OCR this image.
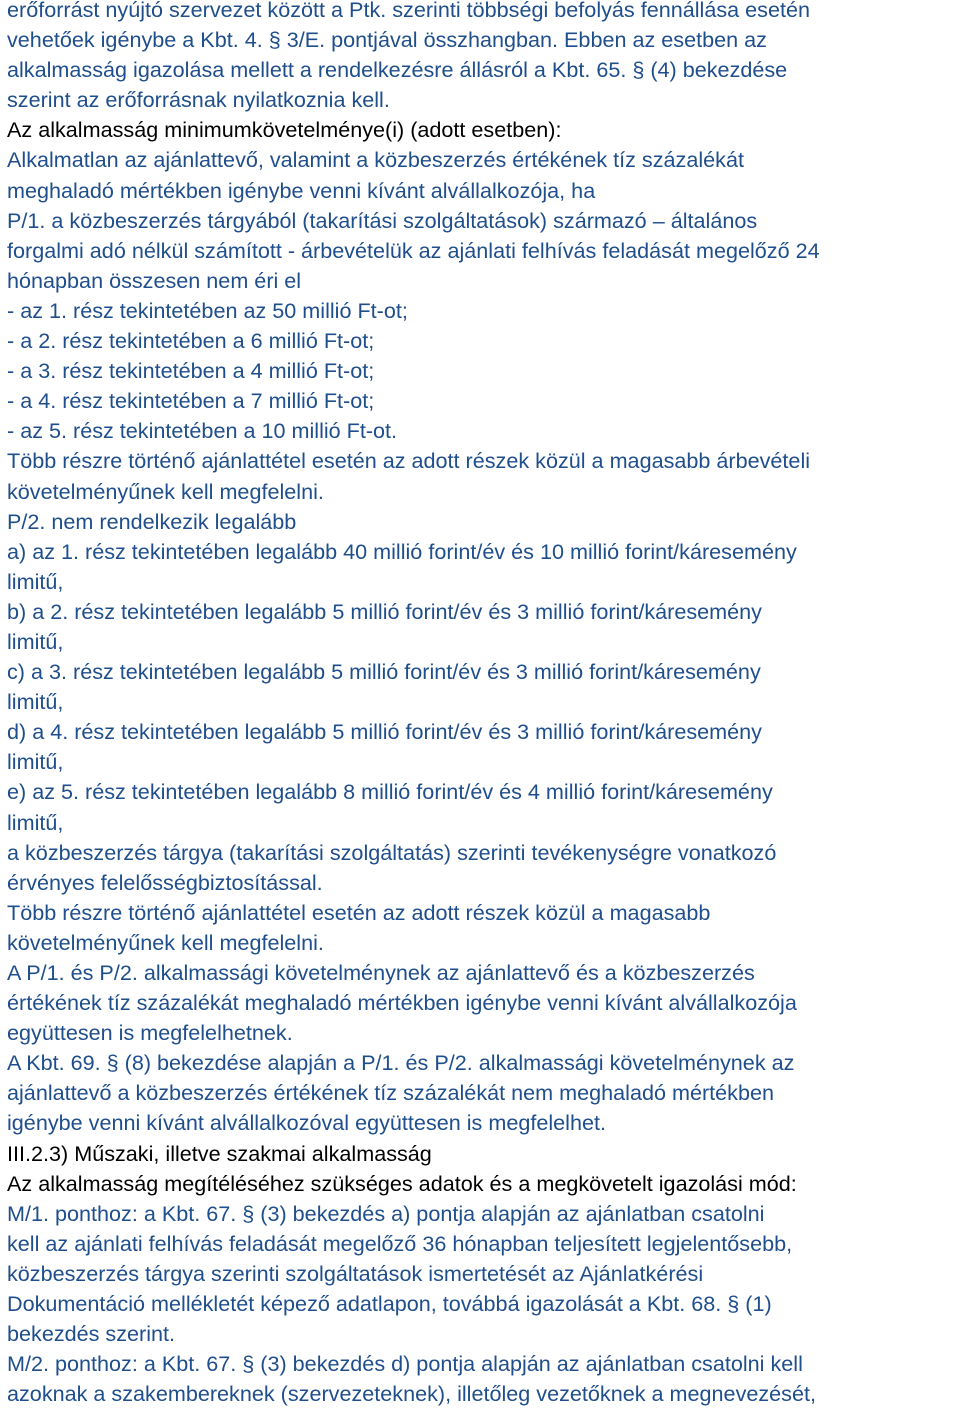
erőforrást nyújtó szervezet között a Ptk. szerinti többségi befolyás fennállása esetén
vehetőek igénybe a Kbt. 4. § 3/E. pontjával összhangban. Ebben az esetben az
alkalmasság igazolása mellett a rendelkezésre állásról a Kbt. 65. § (4) bekezdése
szerint az erőforrásnak nyilatkoznia kell.
Az alkalmasság minimumkövetelménye(i) (adott esetben):
Alkalmatlan az ajánlattevő, valamint a közbeszerzés értékének tíz százalékát
meghaladó mértékben igénybe venni kívánt alvállalkozója, ha
P/1. a közbeszerzés tárgyából (takarítási szolgáltatások) származó – általános
forgalmi adó nélkül számított - árbevételük az ajánlati felhívás feladását megelőző 24
hónapban összesen nem éri el
- az 1. rész tekintetében az 50 millió Ft-ot;
- a 2. rész tekintetében a 6 millió Ft-ot;
- a 3. rész tekintetében a 4 millió Ft-ot;
- a 4. rész tekintetében a 7 millió Ft-ot;
- az 5. rész tekintetében a 10 millió Ft-ot.
Több részre történő ajánlattétel esetén az adott részek közül a magasabb árbevételi
követelményűnek kell megfelelni.
P/2. nem rendelkezik legalább
a) az 1. rész tekintetében legalább 40 millió forint/év és 10 millió forint/káresemény
limitű,
b) a 2. rész tekintetében legalább 5 millió forint/év és 3 millió forint/káresemény
limitű,
c) a 3. rész tekintetében legalább 5 millió forint/év és 3 millió forint/káresemény
limitű,
d) a 4. rész tekintetében legalább 5 millió forint/év és 3 millió forint/káresemény
limitű,
e) az 5. rész tekintetében legalább 8 millió forint/év és 4 millió forint/káresemény
limitű,
a közbeszerzés tárgya (takarítási szolgáltatás) szerinti tevékenységre vonatkozó
érvényes felelősségbiztosítással.
Több részre történő ajánlattétel esetén az adott részek közül a magasabb
követelményűnek kell megfelelni.
A P/1. és P/2. alkalmassági követelménynek az ajánlattevő és a közbeszerzés
értékének tíz százalékát meghaladó mértékben igénybe venni kívánt alvállalkozója
együttesen is megfelelhetnek.
A Kbt. 69. § (8) bekezdése alapján a P/1. és P/2. alkalmassági követelménynek az
ajánlattevő a közbeszerzés értékének tíz százalékát nem meghaladó mértékben
igénybe venni kívánt alvállalkozóval együttesen is megfelelhet.
III.2.3) Műszaki, illetve szakmai alkalmasság
Az alkalmasság megítéléséhez szükséges adatok és a megkövetelt igazolási mód:
M/1. ponthoz: a Kbt. 67. § (3) bekezdés a) pontja alapján az ajánlatban csatolni
kell az ajánlati felhívás feladását megelőző 36 hónapban teljesített legjelentősebb,
közbeszerzés tárgya szerinti szolgáltatások ismertetését az Ajánlatkérési
Dokumentáció mellékletét képező adatlapon, továbbá igazolását a Kbt. 68. § (1)
bekezdés szerint.
M/2. ponthoz: a Kbt. 67. § (3) bekezdés d) pontja alapján az ajánlatban csatolni kell
azoknak a szakembereknek (szervezeteknek), illetőleg vezetőknek a megnevezését,
